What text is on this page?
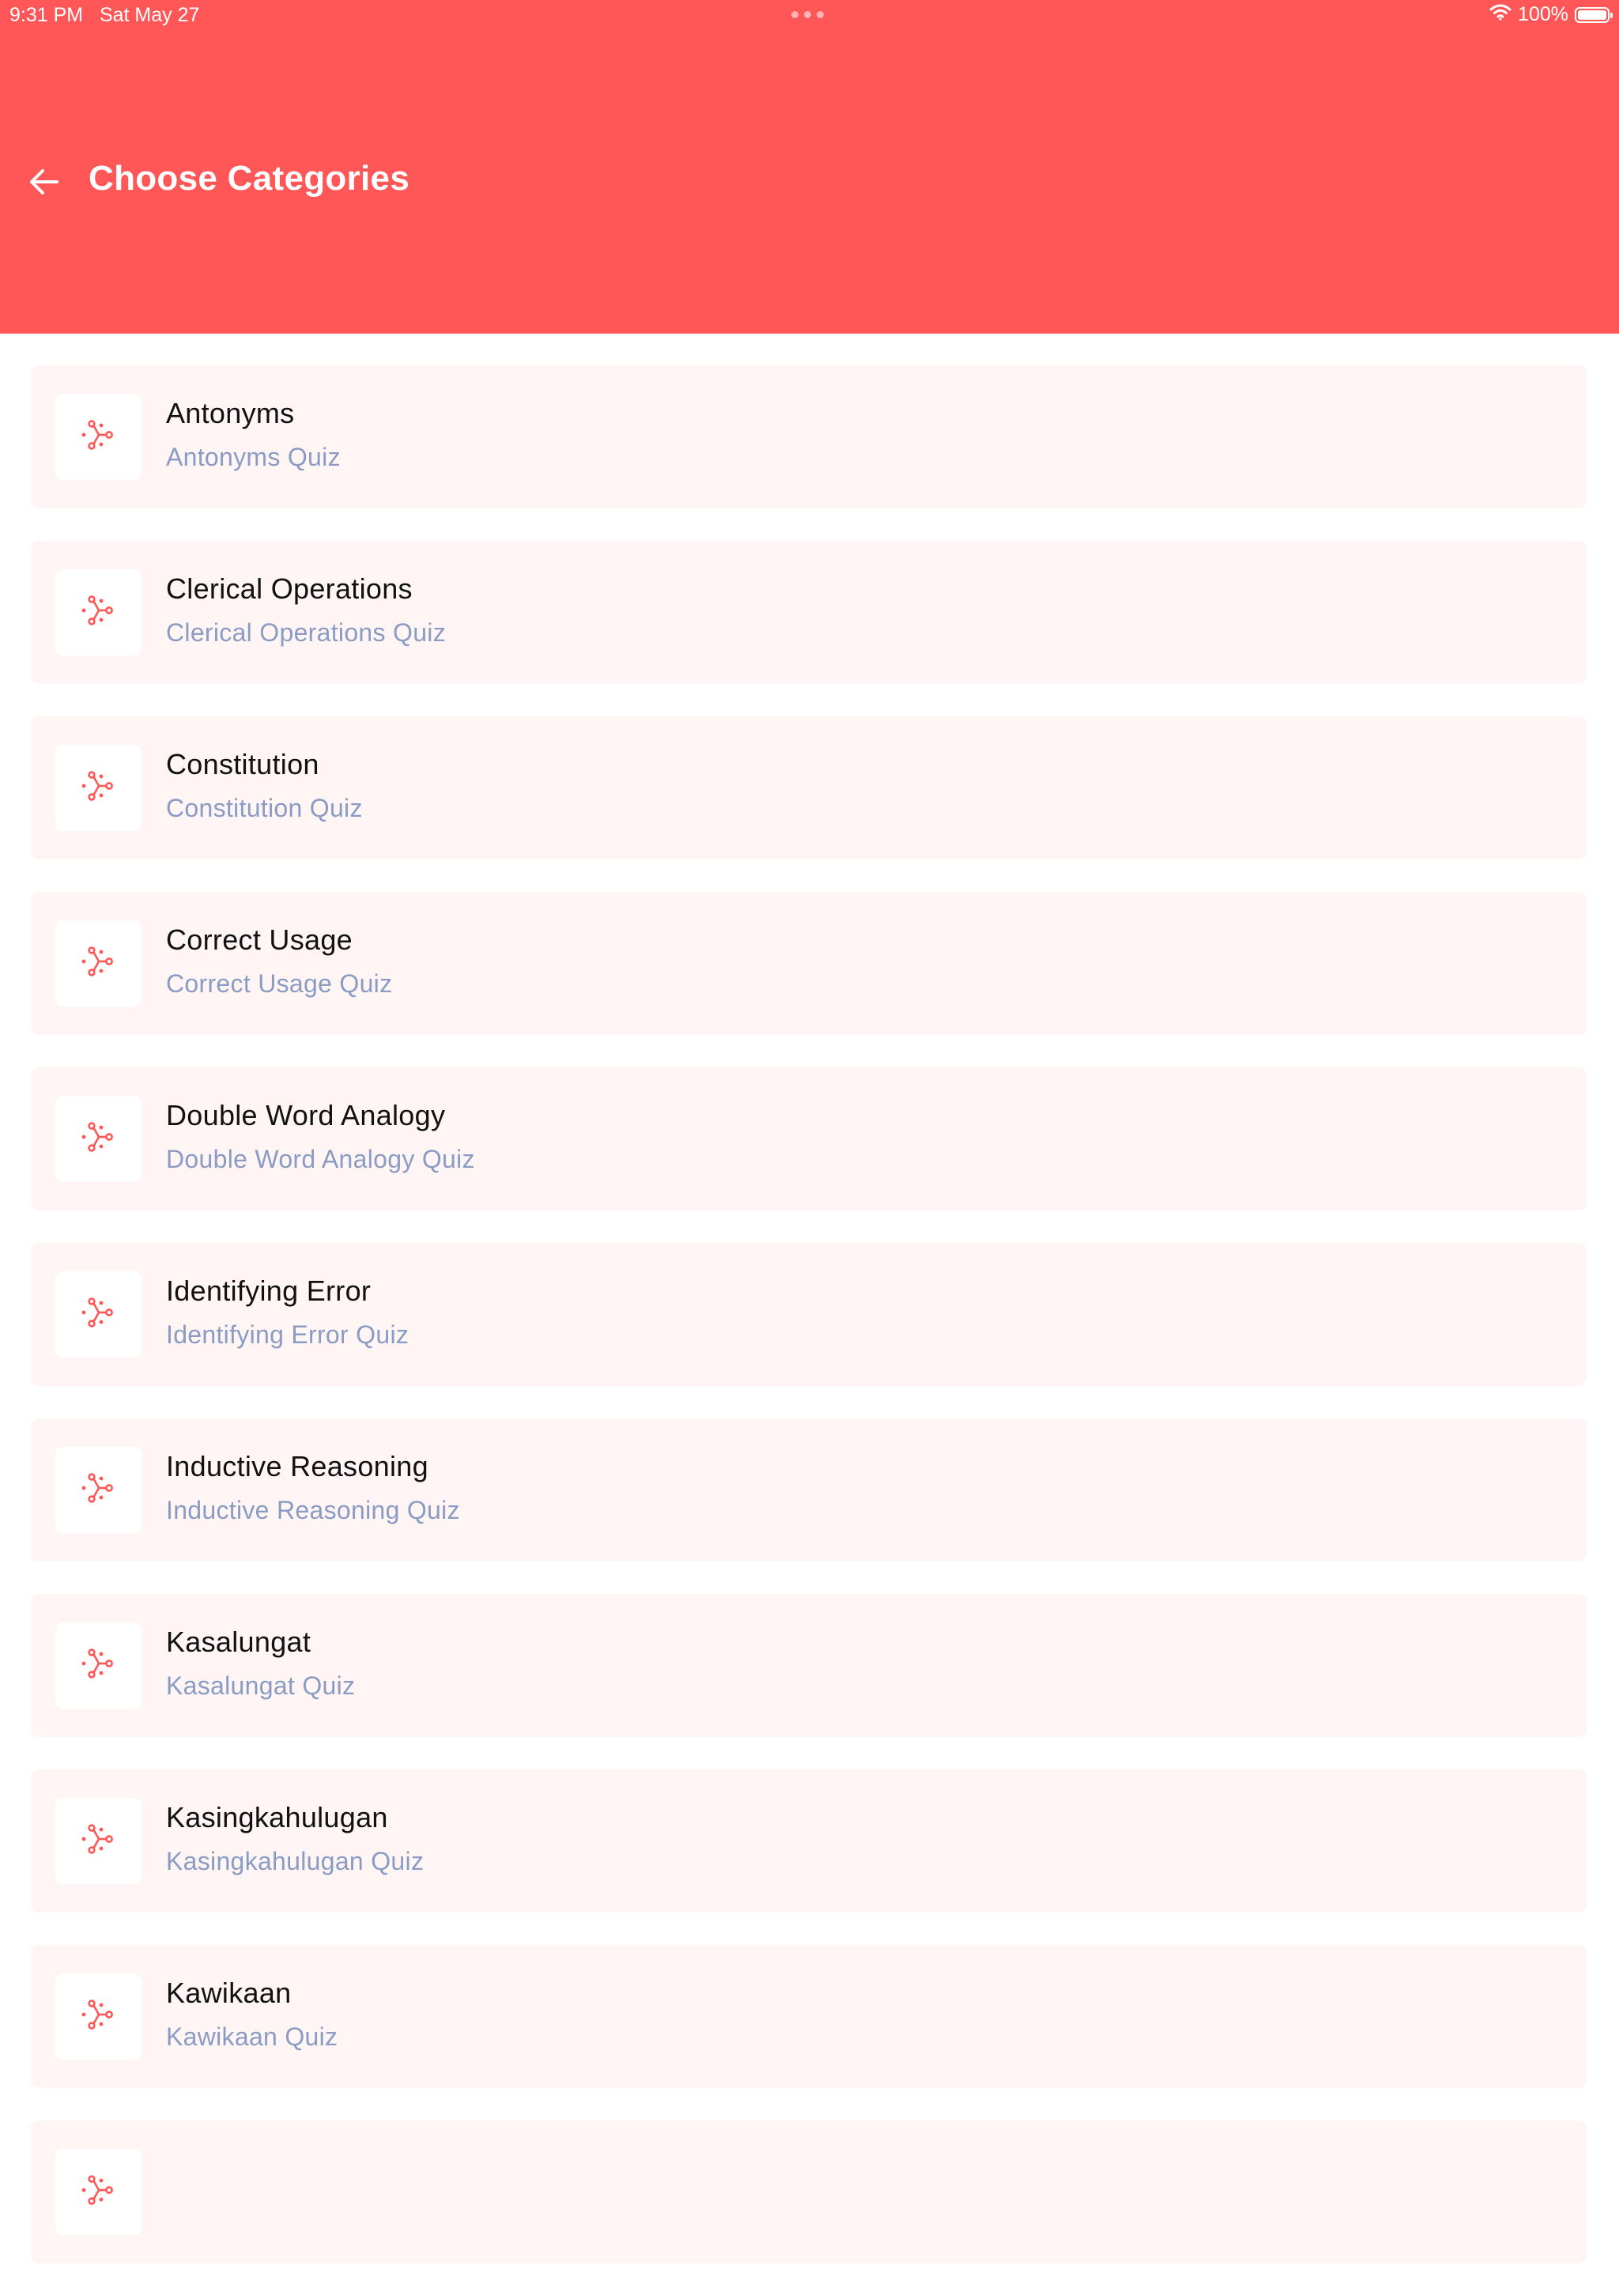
9:31 PM Sat May 27	100%
Choose Categories
Antonyms
Antonyms Quiz
Clerical Operations
Clerical Operations Quiz
Constitution
Constitution Quiz
Correct Usage
Correct Usage Quiz
Double Word Analogy
Double Word Analogy Quiz
Identifying Error
Identifying Error Quiz
Inductive Reasoning
Inductive Reasoning Quiz
Kasalungat
Kasalungat Quiz
Kasingkahulugan
Kasingkahulugan Quiz
Kawikaan
Kawikaan Quiz
